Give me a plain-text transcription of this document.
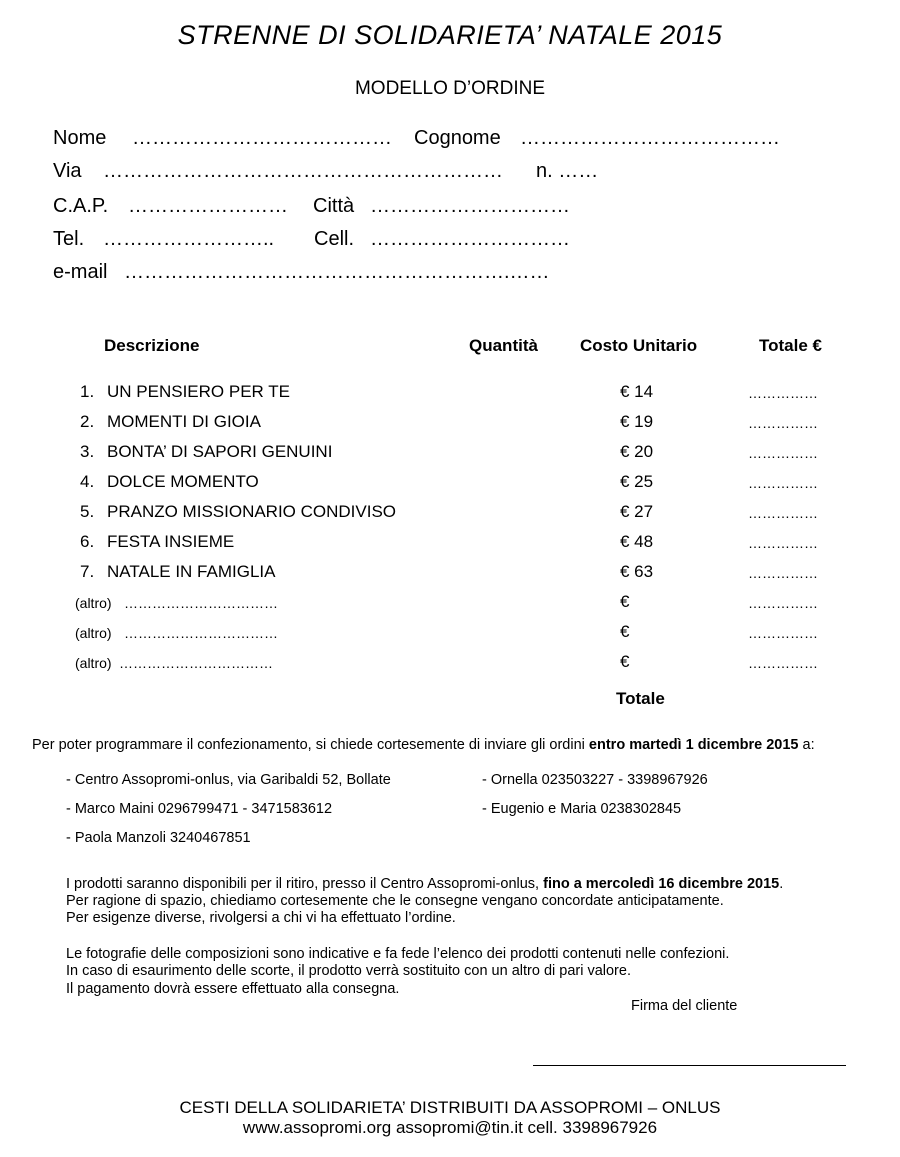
STRENNE DI SOLIDARIETA’ NATALE 2015
MODELLO D’ORDINE
Nome ………………………………… Cognome …………………………………
Via …………………………………………………… n. ……
C.A.P. …………………… Città …………………………
Tel. …………………….. Cell. …………………………
e-mail ………………………………………………….……
Descrizione	Quantità Costo Unitario	Totale €
1. UN PENSIERO PER TE	€ 14	……………
2. MOMENTI DI GIOIA	€ 19	……………
3. BONTA’ DI SAPORI GENUINI	€ 20	……………
4. DOLCE MOMENTO	€ 25	……………
5. PRANZO MISSIONARIO CONDIVISO	€ 27	……………
6. FESTA INSIEME	€ 48	……………
7. NATALE IN FAMIGLIA	€ 63	……………
(altro) ……………………………	€	……………
(altro) ……………………………	€	……………
(altro) ……………………………	€	……………
Totale
Per poter programmare il confezionamento, si chiede cortesemente di inviare gli ordini entro martedì 1 dicembre 2015 a:
- Centro Assopromi-onlus, via Garibaldi 52, Bollate
- Marco Maini 0296799471 - 3471583612
- Paola Manzoli 3240467851
- Ornella 023503227 - 3398967926
- Eugenio e Maria 0238302845
I prodotti saranno disponibili per il ritiro, presso il Centro Assopromi-onlus, fino a mercoledì 16 dicembre 2015.
Per ragione di spazio, chiediamo cortesemente che le consegne vengano concordate anticipatamente.
Per esigenze diverse, rivolgersi a chi vi ha effettuato l’ordine.
Le fotografie delle composizioni sono indicative e fa fede l’elenco dei prodotti contenuti nelle confezioni.
In caso di esaurimento delle scorte, il prodotto verrà sostituito con un altro di pari valore.
Il pagamento dovrà essere effettuato alla consegna.
Firma del cliente
CESTI DELLA SOLIDARIETA’ DISTRIBUITI DA ASSOPROMI – ONLUS
www.assopromi.org assopromi@tin.it cell. 3398967926
